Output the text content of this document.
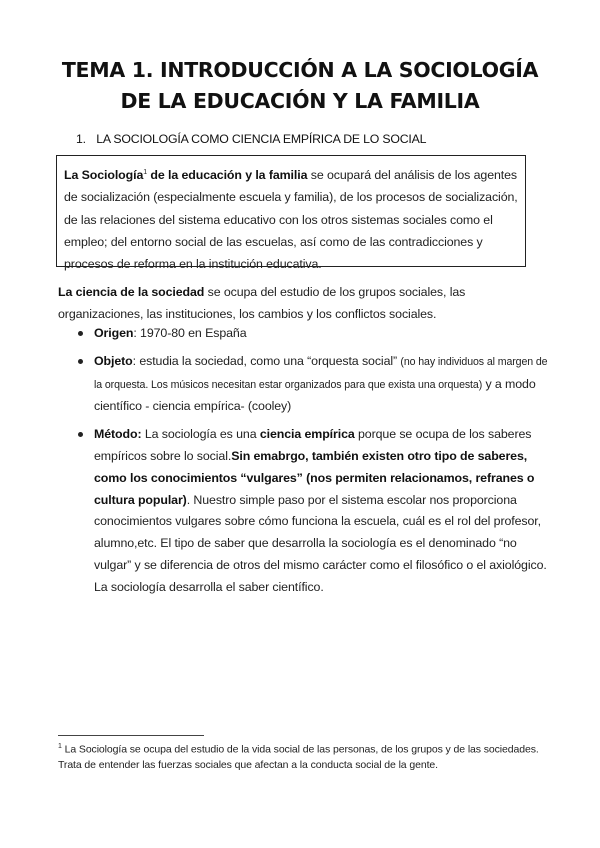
TEMA 1. INTRODUCCIÓN A LA SOCIOLOGÍA
DE LA EDUCACIÓN Y LA FAMILIA

1. LA SOCIOLOGÍA COMO CIENCIA EMPÍRICA DE LO SOCIAL

La Sociología$^1$ de la educación y la familia se ocupará del análisis de los agentes de socialización (especialmente escuela y familia), de los procesos de socialización, de las relaciones del sistema educativo con los otros sistemas sociales como el empleo; del entorno social de las escuelas, así como de las contradicciones y procesos de reforma en la institución educativa.
La ciencia de la sociedad se ocupa del estudio de los grupos sociales, las organizaciones, las instituciones, los cambios y los conflictos sociales.
Origen: 1970-80 en España
Objeto: estudia la sociedad, como una “orquesta social” (no hay individuos al margen de la orquesta. Los músicos necesitan estar organizados para que exista una orquesta) y a modo científico - ciencia empírica- (cooley)
Método: La sociología es una ciencia empírica porque se ocupa de los saberes empíricos sobre lo social.Sin emabrgo, también existen otro tipo de saberes, como los conocimientos “vulgares” (nos permiten relacionamos, refranes o cultura popular). Nuestro simple paso por el sistema escolar nos proporciona conocimientos vulgares sobre cómo funciona la escuela, cuál es el rol del profesor, alumno,etc. El tipo de saber que desarrolla la sociología es el denominado “no vulgar” y se diferencia de otros del mismo carácter como el filosófico o el axiológico. La sociología desarrolla el saber científico.
$^1$ La Sociología se ocupa del estudio de la vida social de las personas, de los grupos y de las sociedades. Trata de entender las fuerzas sociales que afectan a la conducta social de la gente.
